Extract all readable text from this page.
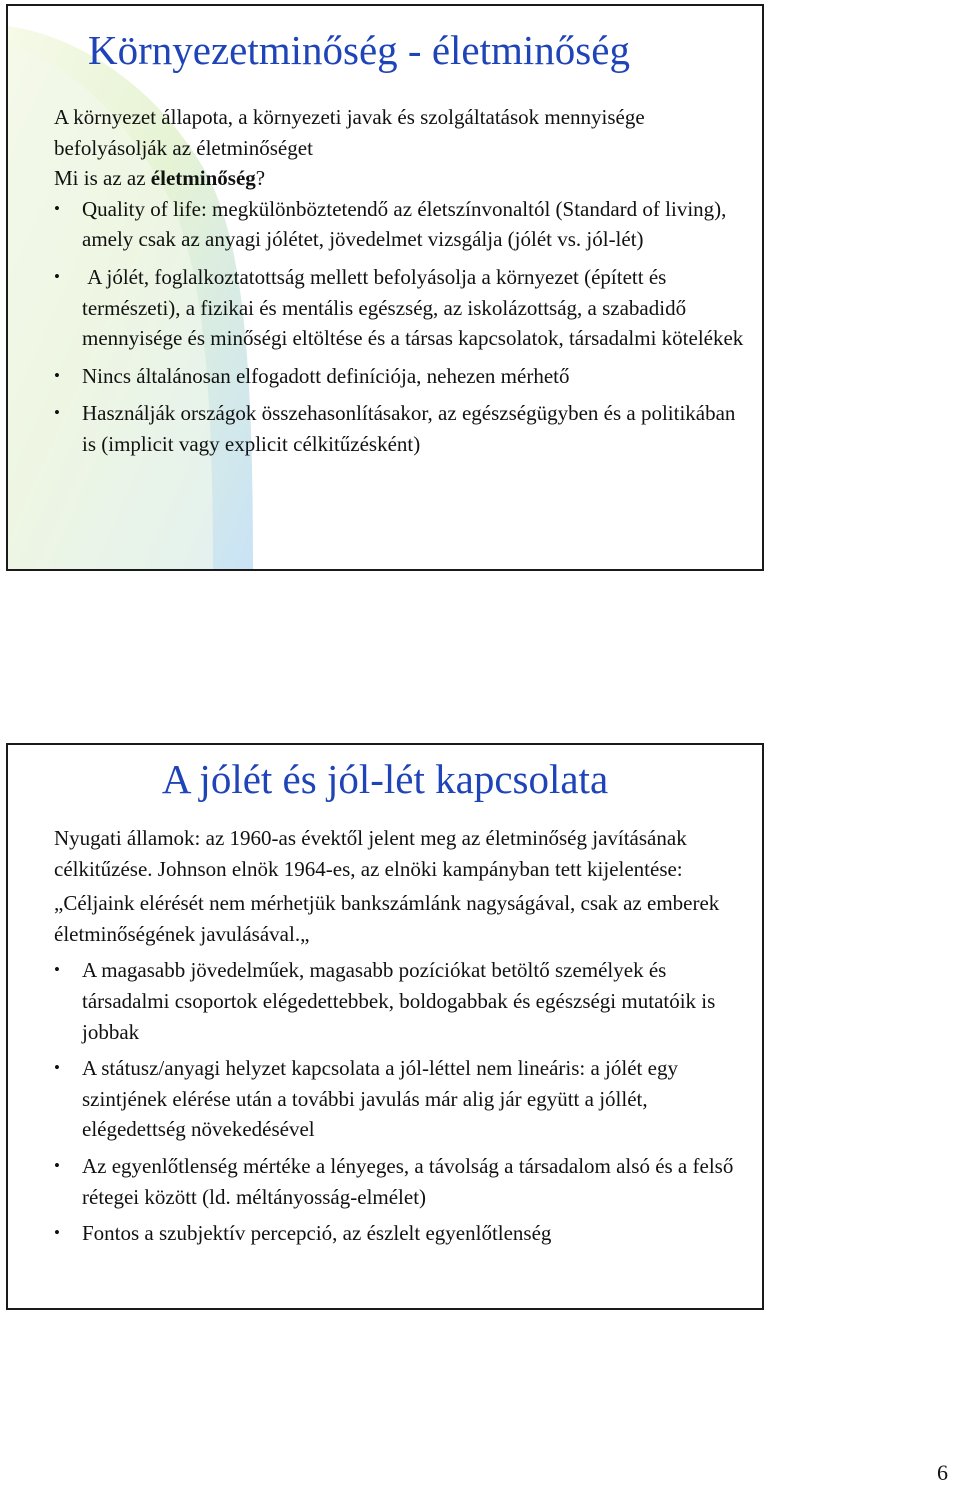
Környezetminőség - életminőség

A környezet állapota, a környezeti javak és szolgáltatások mennyisége befolyásolják az életminőséget

Mi is az az életminőség?

•	Quality of life: megkülönböztetendő az életszínvonaltól (Standard of living), amely csak az anyagi jólétet, jövedelmet vizsgálja (jólét vs. jól-lét)

•	A jólét, foglalkoztatottság mellett befolyásolja a környezet (épített és természeti), a fizikai és mentális egészség, az iskolázottság, a szabadidő mennyisége és minőségi eltöltése és a társas kapcsolatok, társadalmi kötelékek

•	Nincs általánosan elfogadott definíciója, nehezen mérhető

•	Használják országok összehasonlításakor, az egészségügyben és a politikában is (implicit vagy explicit célkitűzésként)

A jólét és jól-lét kapcsolata

Nyugati államok: az 1960-as évektől jelent meg az életminőség javításának célkitűzése. Johnson elnök 1964-es, az elnöki kampányban tett kijelentése:

„Céljaink elérését nem mérhetjük bankszámlánk nagyságával, csak az emberek életminőségének javulásával.„

•	A magasabb jövedelműek, magasabb pozíciókat betöltő személyek és társadalmi csoportok elégedettebbek, boldogabbak és egészségi mutatóik is jobbak

•	A státusz/anyagi helyzet kapcsolata a jól-léttel nem lineáris: a jólét egy szintjének elérése után a további javulás már alig jár együtt a jóllét, elégedettség növekedésével

•	Az egyenlőtlenség mértéke a lényeges, a távolság a társadalom alsó és a felső rétegei között (ld. méltányosság-elmélet)

•	Fontos a szubjektív percepció, az észlelt egyenlőtlenség

6
